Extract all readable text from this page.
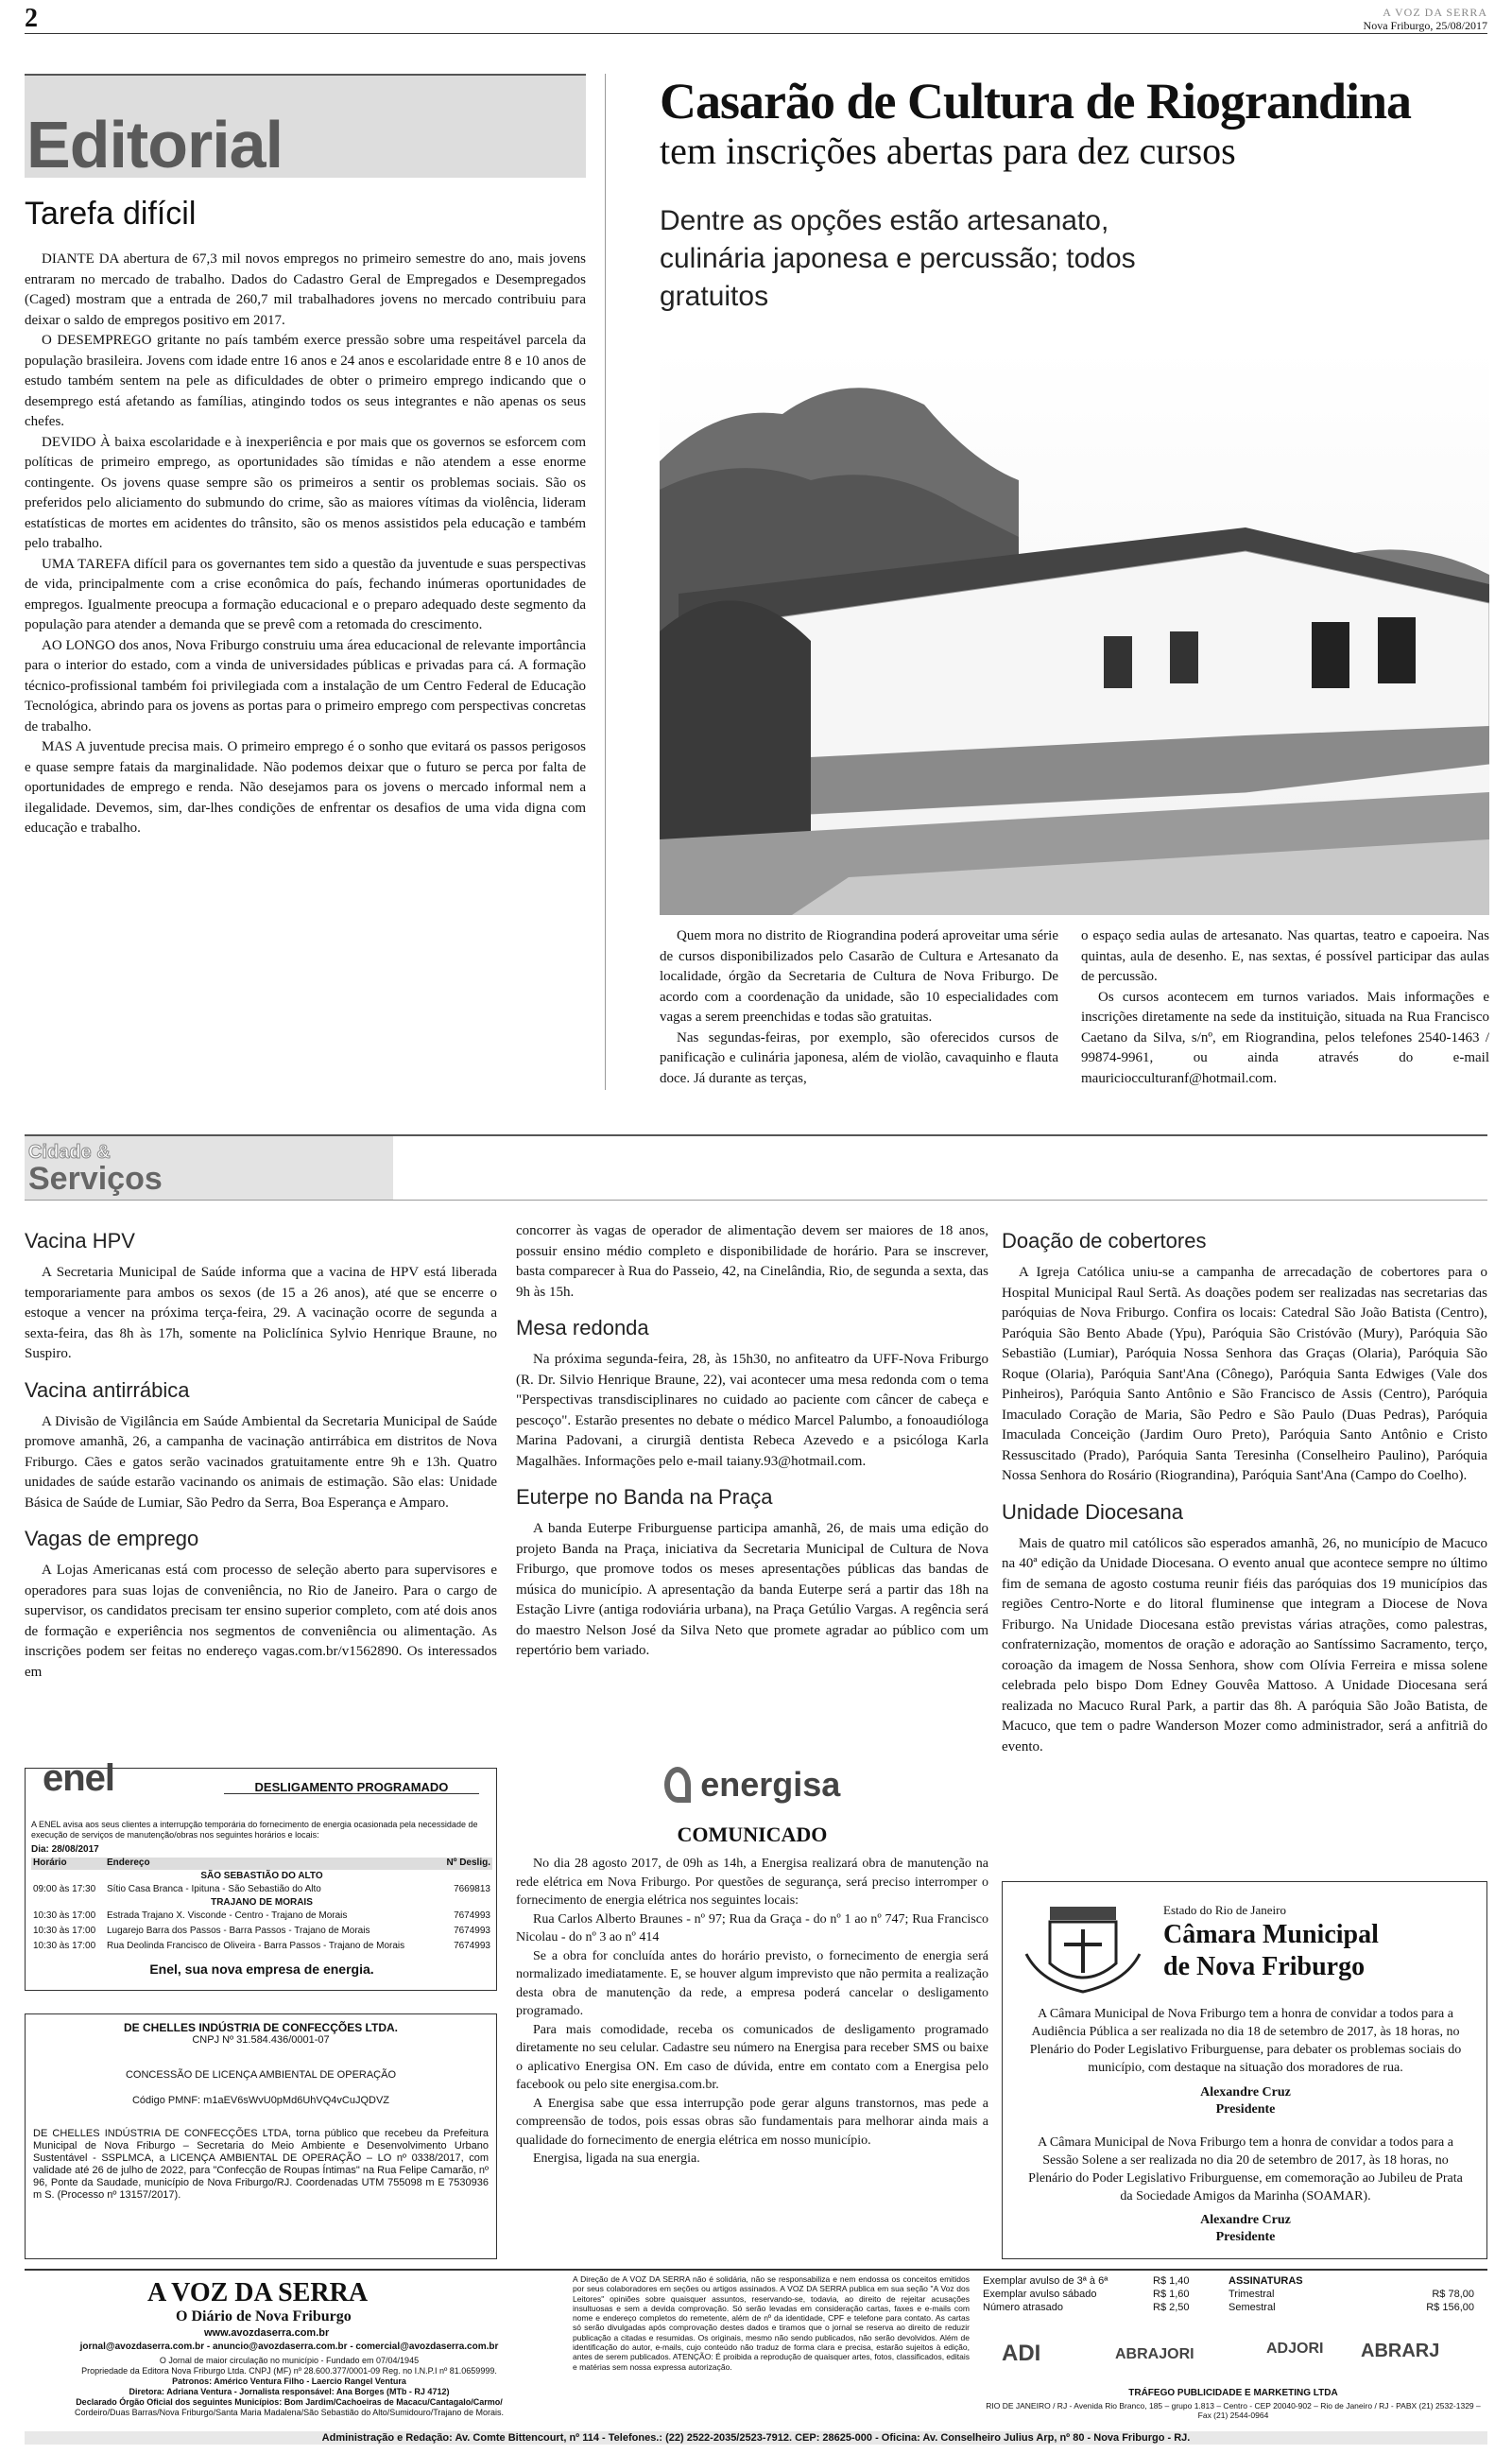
2	A VOZ DA SERRA
Nova Friburgo, 25/08/2017
Editorial
Tarefa difícil

DIANTE DA abertura de 67,3 mil novos empregos no primeiro semestre do ano, mais jovens entraram no mercado de trabalho. Dados do Cadastro Geral de Empregados e Desempregados (Caged) mostram que a entrada de 260,7 mil trabalhadores jovens no mercado contribuiu para deixar o saldo de empregos positivo em 2017.

O DESEMPREGO gritante no país também exerce pressão sobre uma respeitável parcela da população brasileira. Jovens com idade entre 16 anos e 24 anos e escolaridade entre 8 e 10 anos de estudo também sentem na pele as dificuldades de obter o primeiro emprego indicando que o desemprego está afetando as famílias, atingindo todos os seus integrantes e não apenas os seus chefes.

DEVIDO À baixa escolaridade e à inexperiência e por mais que os governos se esforcem com políticas de primeiro emprego, as oportunidades são tímidas e não atendem a esse enorme contingente. Os jovens quase sempre são os primeiros a sentir os problemas sociais. São os preferidos pelo aliciamento do submundo do crime, são as maiores vítimas da violência, lideram estatísticas de mortes em acidentes do trânsito, são os menos assistidos pela educação e também pelo trabalho.

UMA TAREFA difícil para os governantes tem sido a questão da juventude e suas perspectivas de vida, principalmente com a crise econômica do país, fechando inúmeras oportunidades de empregos. Igualmente preocupa a formação educacional e o preparo adequado deste segmento da população para atender a demanda que se prevê com a retomada do crescimento.

AO LONGO dos anos, Nova Friburgo construiu uma área educacional de relevante importância para o interior do estado, com a vinda de universidades públicas e privadas para cá. A formação técnico-profissional também foi privilegiada com a instalação de um Centro Federal de Educação Tecnológica, abrindo para os jovens as portas para o primeiro emprego com perspectivas concretas de trabalho.

MAS A juventude precisa mais. O primeiro emprego é o sonho que evitará os passos perigosos e quase sempre fatais da marginalidade. Não podemos deixar que o futuro se perca por falta de oportunidades de emprego e renda. Não desejamos para os jovens o mercado informal nem a ilegalidade. Devemos, sim, dar-lhes condições de enfrentar os desafios de uma vida digna com educação e trabalho.

Casarão de Cultura de Riograndina
tem inscrições abertas para dez cursos
Dentre as opções estão artesanato, culinária japonesa e percussão; todos gratuitos

Quem mora no distrito de Riograndina poderá aproveitar uma série de cursos disponibilizados pelo Casarão de Cultura e Artesanato da localidade, órgão da Secretaria de Cultura de Nova Friburgo. De acordo com a coordenação da unidade, são 10 especialidades com vagas a serem preenchidas e todas são gratuitas.

Nas segundas-feiras, por exemplo, são oferecidos cursos de panificação e culinária japonesa, além de violão, cavaquinho e flauta doce. Já durante as terças,

o espaço sedia aulas de artesanato. Nas quartas, teatro e capoeira. Nas quintas, aula de desenho. E, nas sextas, é possível participar das aulas de percussão.

Os cursos acontecem em turnos variados. Mais informações e inscrições diretamente na sede da instituição, situada na Rua Francisco Caetano da Silva, s/nº, em Riograndina, pelos telefones 2540-1463 / 99874-9961, ou ainda através do e-mail mauriciocculturanf@hotmail.com.

Cidade &
Serviços
Vacina HPV

A Secretaria Municipal de Saúde informa que a vacina de HPV está liberada temporariamente para ambos os sexos (de 15 a 26 anos), até que se encerre o estoque a vencer na próxima terça-feira, 29. A vacinação ocorre de segunda a sexta-feira, das 8h às 17h, somente na Policlínica Sylvio Henrique Braune, no Suspiro.

Vacina antirrábica

A Divisão de Vigilância em Saúde Ambiental da Secretaria Municipal de Saúde promove amanhã, 26, a campanha de vacinação antirrábica em distritos de Nova Friburgo. Cães e gatos serão vacinados gratuitamente entre 9h e 13h. Quatro unidades de saúde estarão vacinando os animais de estimação. São elas: Unidade Básica de Saúde de Lumiar, São Pedro da Serra, Boa Esperança e Amparo.

Vagas de emprego

A Lojas Americanas está com processo de seleção aberto para supervisores e operadores para suas lojas de conveniência, no Rio de Janeiro. Para o cargo de supervisor, os candidatos precisam ter ensino superior completo, com até dois anos de formação e experiência nos segmentos de conveniência ou alimentação. As inscrições podem ser feitas no endereço vagas.com.br/v1562890. Os interessados em

concorrer às vagas de operador de alimentação devem ser maiores de 18 anos, possuir ensino médio completo e disponibilidade de horário. Para se inscrever, basta comparecer à Rua do Passeio, 42, na Cinelândia, Rio, de segunda a sexta, das 9h às 15h.

Mesa redonda

Na próxima segunda-feira, 28, às 15h30, no anfiteatro da UFF-Nova Friburgo (R. Dr. Silvio Henrique Braune, 22), vai acontecer uma mesa redonda com o tema "Perspectivas transdisciplinares no cuidado ao paciente com câncer de cabeça e pescoço". Estarão presentes no debate o médico Marcel Palumbo, a fonoaudióloga Marina Padovani, a cirurgiã dentista Rebeca Azevedo e a psicóloga Karla Magalhães. Informações pelo e-mail taiany.93@hotmail.com.

Euterpe no Banda na Praça

A banda Euterpe Friburguense participa amanhã, 26, de mais uma edição do projeto Banda na Praça, iniciativa da Secretaria Municipal de Cultura de Nova Friburgo, que promove todos os meses apresentações públicas das bandas de música do município. A apresentação da banda Euterpe será a partir das 18h na Estação Livre (antiga rodoviária urbana), na Praça Getúlio Vargas. A regência será do maestro Nelson José da Silva Neto que promete agradar ao público com um repertório bem variado.

Doação de cobertores

A Igreja Católica uniu-se a campanha de arrecadação de cobertores para o Hospital Municipal Raul Sertã. As doações podem ser realizadas nas secretarias das paróquias de Nova Friburgo. Confira os locais: Catedral São João Batista (Centro), Paróquia São Bento Abade (Ypu), Paróquia São Cristóvão (Mury), Paróquia São Sebastião (Lumiar), Paróquia Nossa Senhora das Graças (Olaria), Paróquia São Roque (Olaria), Paróquia Sant'Ana (Cônego), Paróquia Santa Edwiges (Vale dos Pinheiros), Paróquia Santo Antônio e São Francisco de Assis (Centro), Paróquia Imaculado Coração de Maria, São Pedro e São Paulo (Duas Pedras), Paróquia Imaculada Conceição (Jardim Ouro Preto), Paróquia Santo Antônio e Cristo Ressuscitado (Prado), Paróquia Santa Teresinha (Conselheiro Paulino), Paróquia Nossa Senhora do Rosário (Riograndina), Paróquia Sant'Ana (Campo do Coelho).

Unidade Diocesana

Mais de quatro mil católicos são esperados amanhã, 26, no município de Macuco na 40ª edição da Unidade Diocesana. O evento anual que acontece sempre no último fim de semana de agosto costuma reunir fiéis das paróquias dos 19 municípios das regiões Centro-Norte e do litoral fluminense que integram a Diocese de Nova Friburgo. Na Unidade Diocesana estão previstas várias atrações, como palestras, confraternização, momentos de oração e adoração ao Santíssimo Sacramento, terço, coroação da imagem de Nossa Senhora, show com Olívia Ferreira e missa solene celebrada pelo bispo Dom Edney Gouvêa Mattoso. A Unidade Diocesana será realizada no Macuco Rural Park, a partir das 8h. A paróquia São João Batista, de Macuco, que tem o padre Wanderson Mozer como administrador, será a anfitriã do evento.

enel	DESLIGAMENTO PROGRAMADO
A ENEL avisa aos seus clientes a interrupção temporária do fornecimento de energia ocasionada pela necessidade de execução de serviços de manutenção/obras nos seguintes horários e locais:
Dia: 28/08/2017
Horário	Endereço	Nº Deslig.
SÃO SEBASTIÃO DO ALTO
09:00 às 17:30 Sítio Casa Branca - Ipituna - São Sebastião do Alto	7669813
TRAJANO DE MORAIS
10:30 às 17:00 Estrada Trajano X. Visconde - Centro - Trajano de Morais	7674993
10:30 às 17:00 Lugarejo Barra dos Passos - Barra Passos - Trajano de Morais	7674993
10:30 às 17:00 Rua Deolinda Francisco de Oliveira - Barra Passos - Trajano de Morais	7674993
Enel, sua nova empresa de energia.
DE CHELLES INDÚSTRIA DE CONFECÇÕES LTDA.
CNPJ Nº 31.584.436/0001-07
CONCESSÃO DE LICENÇA AMBIENTAL DE OPERAÇÃO
Código PMNF: m1aEV6sWvU0pMd6UhVQ4vCuJQDVZ
DE CHELLES INDÚSTRIA DE CONFECÇÕES LTDA, torna público que recebeu da Prefeitura Municipal de Nova Friburgo – Secretaria do Meio Ambiente e Desenvolvimento Urbano Sustentável - SSPLMCA, a LICENÇA AMBIENTAL DE OPERAÇÃO – LO nº 0338/2017, com validade até 26 de julho de 2022, para "Confecção de Roupas Íntimas" na Rua Felipe Camarão, nº 96, Ponte da Saudade, município de Nova Friburgo/RJ. Coordenadas UTM 755098 m E 7530936 m S. (Processo nº 13157/2017).
energisa
COMUNICADO

No dia 28 agosto 2017, de 09h as 14h, a Energisa realizará obra de manutenção na rede elétrica em Nova Friburgo. Por questões de segurança, será preciso interromper o fornecimento de energia elétrica nos seguintes locais:

Rua Carlos Alberto Braunes - nº 97; Rua da Graça - do nº 1 ao nº 747; Rua Francisco Nicolau - do nº 3 ao nº 414

Se a obra for concluída antes do horário previsto, o fornecimento de energia será normalizado imediatamente. E, se houver algum imprevisto que não permita a realização desta obra de manutenção da rede, a empresa poderá cancelar o desligamento programado.

Para mais comodidade, receba os comunicados de desligamento programado diretamente no seu celular. Cadastre seu número na Energisa para receber SMS ou baixe o aplicativo Energisa ON. Em caso de dúvida, entre em contato com a Energisa pelo facebook ou pelo site energisa.com.br.

A Energisa sabe que essa interrupção pode gerar alguns transtornos, mas pede a compreensão de todos, pois essas obras são fundamentais para melhorar ainda mais a qualidade do fornecimento de energia elétrica em nosso município.

Energisa, ligada na sua energia.

Estado do Rio de Janeiro
Câmara Municipal
de Nova Friburgo
A Câmara Municipal de Nova Friburgo tem a honra de convidar a todos para a Audiência Pública a ser realizada no dia 18 de setembro de 2017, às 18 horas, no Plenário do Poder Legislativo Friburguense, para debater os problemas sociais do município, com destaque na situação dos moradores de rua.
Alexandre Cruz
Presidente
A Câmara Municipal de Nova Friburgo tem a honra de convidar a todos para a Sessão Solene a ser realizada no dia 20 de setembro de 2017, às 18 horas, no Plenário do Poder Legislativo Friburguense, em comemoração ao Jubileu de Prata da Sociedade Amigos da Marinha (SOAMAR).
Alexandre Cruz
Presidente
A VOZ DA SERRA
O Diário de Nova Friburgo
www.avozdaserra.com.br
jornal@avozdaserra.com.br - anuncio@avozdaserra.com.br - comercial@avozdaserra.com.br
O Jornal de maior circulação no município - Fundado em 07/04/1945
Propriedade da Editora Nova Friburgo Ltda. CNPJ (MF) nº 28.600.377/0001-09 Reg. no I.N.P.I nº 81.0659999.
Patronos: Américo Ventura Filho - Laercio Rangel Ventura
Diretora: Adriana Ventura - Jornalista responsável: Ana Borges (MTb - RJ 4712)
Declarado Órgão Oficial dos seguintes Municípios: Bom Jardim/Cachoeiras de Macacu/Cantagalo/Carmo/
Cordeiro/Duas Barras/Nova Friburgo/Santa Maria Madalena/São Sebastião do Alto/Sumidouro/Trajano de Morais.
A Direção de A VOZ DA SERRA não é solidária, não se responsabiliza e nem endossa os conceitos emitidos por seus colaboradores em seções ou artigos assinados. A VOZ DA SERRA publica em sua seção "A Voz dos Leitores" opiniões sobre quaisquer assuntos, reservando-se, todavia, ao direito de rejeitar acusações insultuosas e sem a devida comprovação. Só serão levadas em consideração cartas, faxes e e-mails com nome e endereço completos do remetente, além de nº da identidade, CPF e telefone para contato. As cartas só serão divulgadas após comprovação destes dados e tiramos que o jornal se reserva ao direito de reduzir publicação a citadas e resumidas. Os originais, mesmo não sendo publicados, não serão devolvidos. Além de identificação do autor, e-mails, cujo conteúdo não traduz de forma clara e precisa, estarão sujeitos à edição, antes de serem publicados. ATENÇÃO: É proibida a reprodução de quaisquer artes, fotos, classificados, editais e matérias sem nossa expressa autorização.
Exemplar avulso de 3ª à 6ª	R$ 1,40
Exemplar avulso sábado	R$ 1,60
Número atrasado	R$ 2,50
ASSINATURAS
Trimestral	R$ 78,00
Semestral	R$ 156,00
ADI	ABRAJORI	ADJORI ABRARJ
TRÁFEGO PUBLICIDADE E MARKETING LTDA
RIO DE JANEIRO / RJ - Avenida Rio Branco, 185 – grupo 1.813 – Centro - CEP 20040-902 – Rio de Janeiro / RJ - PABX (21) 2532-1329 – Fax (21) 2544-0964
Administração e Redação: Av. Comte Bittencourt, nº 114 - Telefones.: (22) 2522-2035/2523-7912. CEP: 28625-000 - Oficina: Av. Conselheiro Julius Arp, nº 80 - Nova Friburgo - RJ.
